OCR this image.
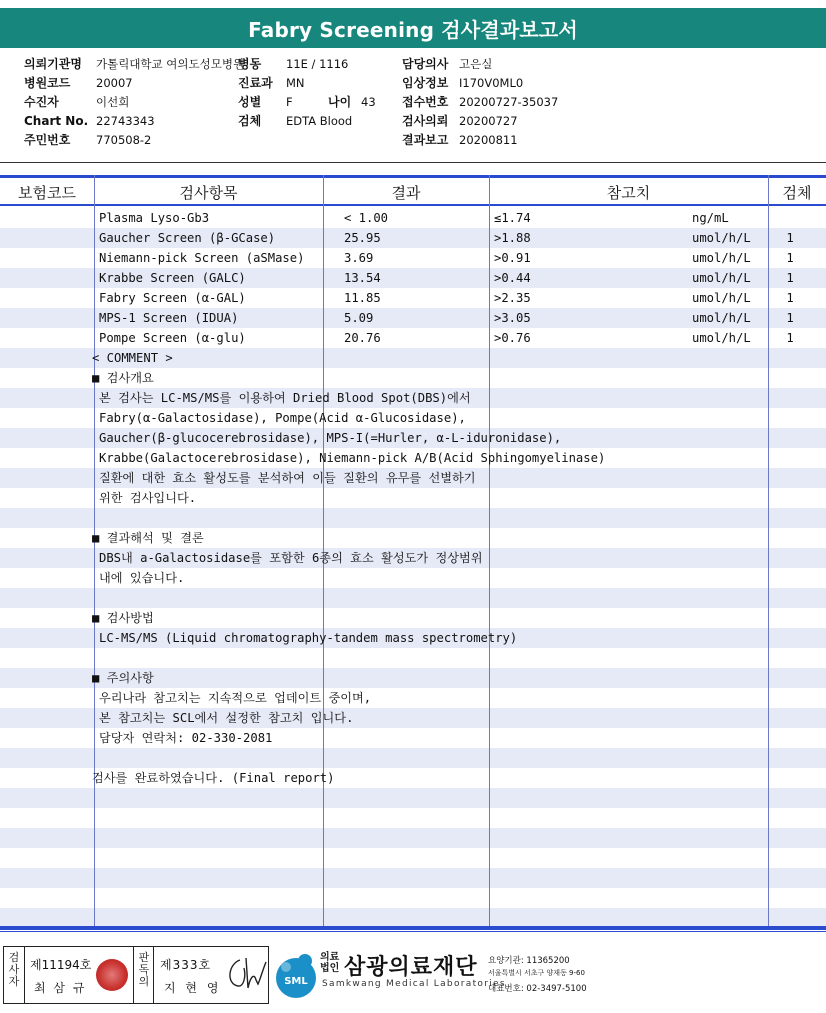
Fabry Screening 검사결과보고서
의뢰기관명 가톨릭대학교 여의도성모병원
병동 11E / 1116	담당의사 고은실
병원코드 20007	진료과 MN	임상정보 I170V0ML0
수진자	이선희	성별 F	나이 43 접수번호 20200727-35037
Chart No. 22743343	검체 EDTA Blood	검사의뢰 20200727
주민번호 770508-2	결과보고 20200811
보험코드	검사항목	결과	참고치	검체
Plasma Lyso-Gb3	< 1.00	≤1.74	ng/mL
Gaucher Screen (β-GCase)	25.95	>1.88	umol/h/L	1
Niemann-pick Screen (aSMase)	3.69	>0.91	umol/h/L	1
Krabbe Screen (GALC)	13.54	>0.44	umol/h/L	1
Fabry Screen (α-GAL)	11.85	>2.35	umol/h/L	1
MPS-1 Screen (IDUA)	5.09	>3.05	umol/h/L	1
Pompe Screen (α-glu)	20.76	>0.76	umol/h/L	1
< COMMENT >
■ 검사개요
본 검사는 LC-MS/MS를 이용하여 Dried Blood Spot(DBS)에서
Fabry(α-Galactosidase), Pompe(Acid α-Glucosidase),
Gaucher(β-glucocerebrosidase), MPS-I(=Hurler, α-L-iduronidase),
Krabbe(Galactocerebrosidase), Niemann-pick A/B(Acid Sphingomyelinase)
질환에 대한 효소 활성도를 분석하여 이들 질환의 유무를 선별하기
위한 검사입니다.
■ 결과해석 및 결론
DBS내 a-Galactosidase를 포함한 6종의 효소 활성도가 정상범위
내에 있습니다.
■ 검사방법
LC-MS/MS (Liquid chromatography-tandem mass spectrometry)
■ 주의사항
우리나라 참고치는 지속적으로 업데이트 중이며,
본 참고치는 SCL에서 설정한 참고치 입니다.
담당자 연락처: 02-330-2081
검사를 완료하였습니다. (Final report)
검사자
제11194호
최 삼 규
판독의
제333호
지 현 영	SML
의료법인 삼광의료재단
Samkwang Medical Laboratories
요양기관: 11365200
서울특별시 서초구 양재동 9-60
대표번호: 02-3497-5100
